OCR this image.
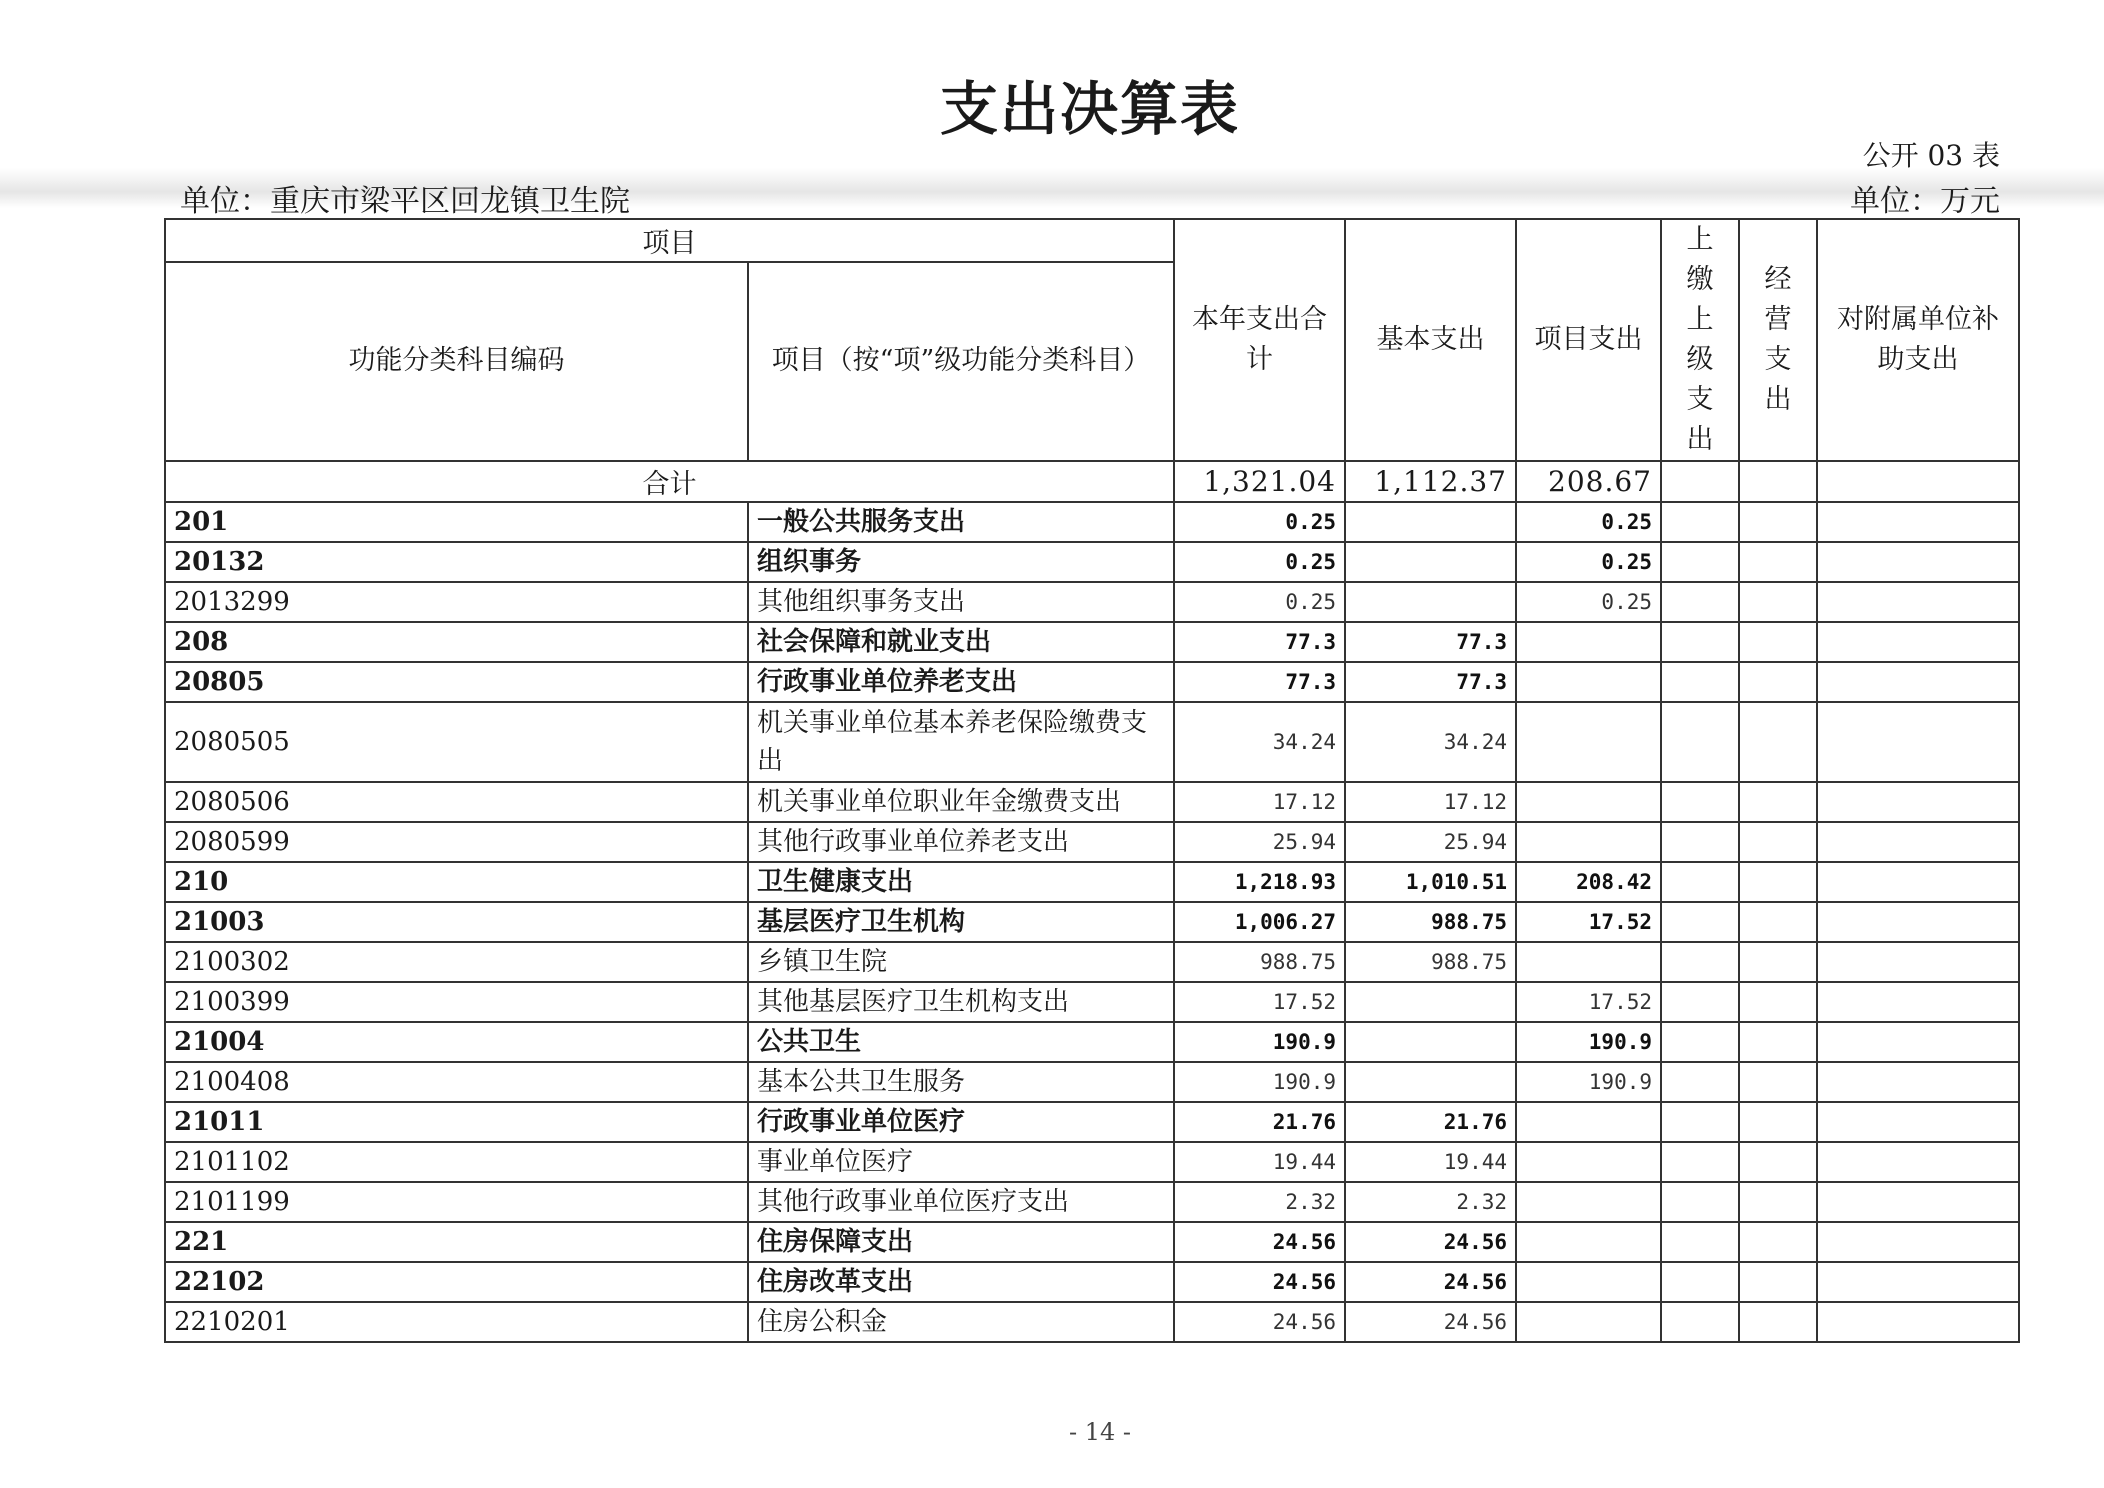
支出决算表
公开 03 表
单位：重庆市梁平区回龙镇卫生院	单位：万元
项目		本年支出合计	基本支出	项目支出	上缴上级支出	经营支出	对附属单位补助支出
功能分类科目编码	项目（按“项”级功能分类科目）						
合计		1,321.04	1,112.37	208.67			
201	一般公共服务支出	0.25		0.25			
20132	组织事务	0.25		0.25			
2013299	其他组织事务支出	0.25		0.25			
208	社会保障和就业支出	77.3	77.3				
20805	行政事业单位养老支出	77.3	77.3				
2080505	机关事业单位基本养老保险缴费支出	34.24	34.24				
2080506	机关事业单位职业年金缴费支出	17.12	17.12				
2080599	其他行政事业单位养老支出	25.94	25.94				
210	卫生健康支出	1,218.93	1,010.51	208.42			
21003	基层医疗卫生机构	1,006.27	988.75	17.52			
2100302	乡镇卫生院	988.75	988.75				
2100399	其他基层医疗卫生机构支出	17.52		17.52			
21004	公共卫生	190.9		190.9			
2100408	基本公共卫生服务	190.9		190.9			
21011	行政事业单位医疗	21.76	21.76				
2101102	事业单位医疗	19.44	19.44				
2101199	其他行政事业单位医疗支出	2.32	2.32				
221	住房保障支出	24.56	24.56				
22102	住房改革支出	24.56	24.56				
2210201	住房公积金	24.56	24.56				
- 14 -
